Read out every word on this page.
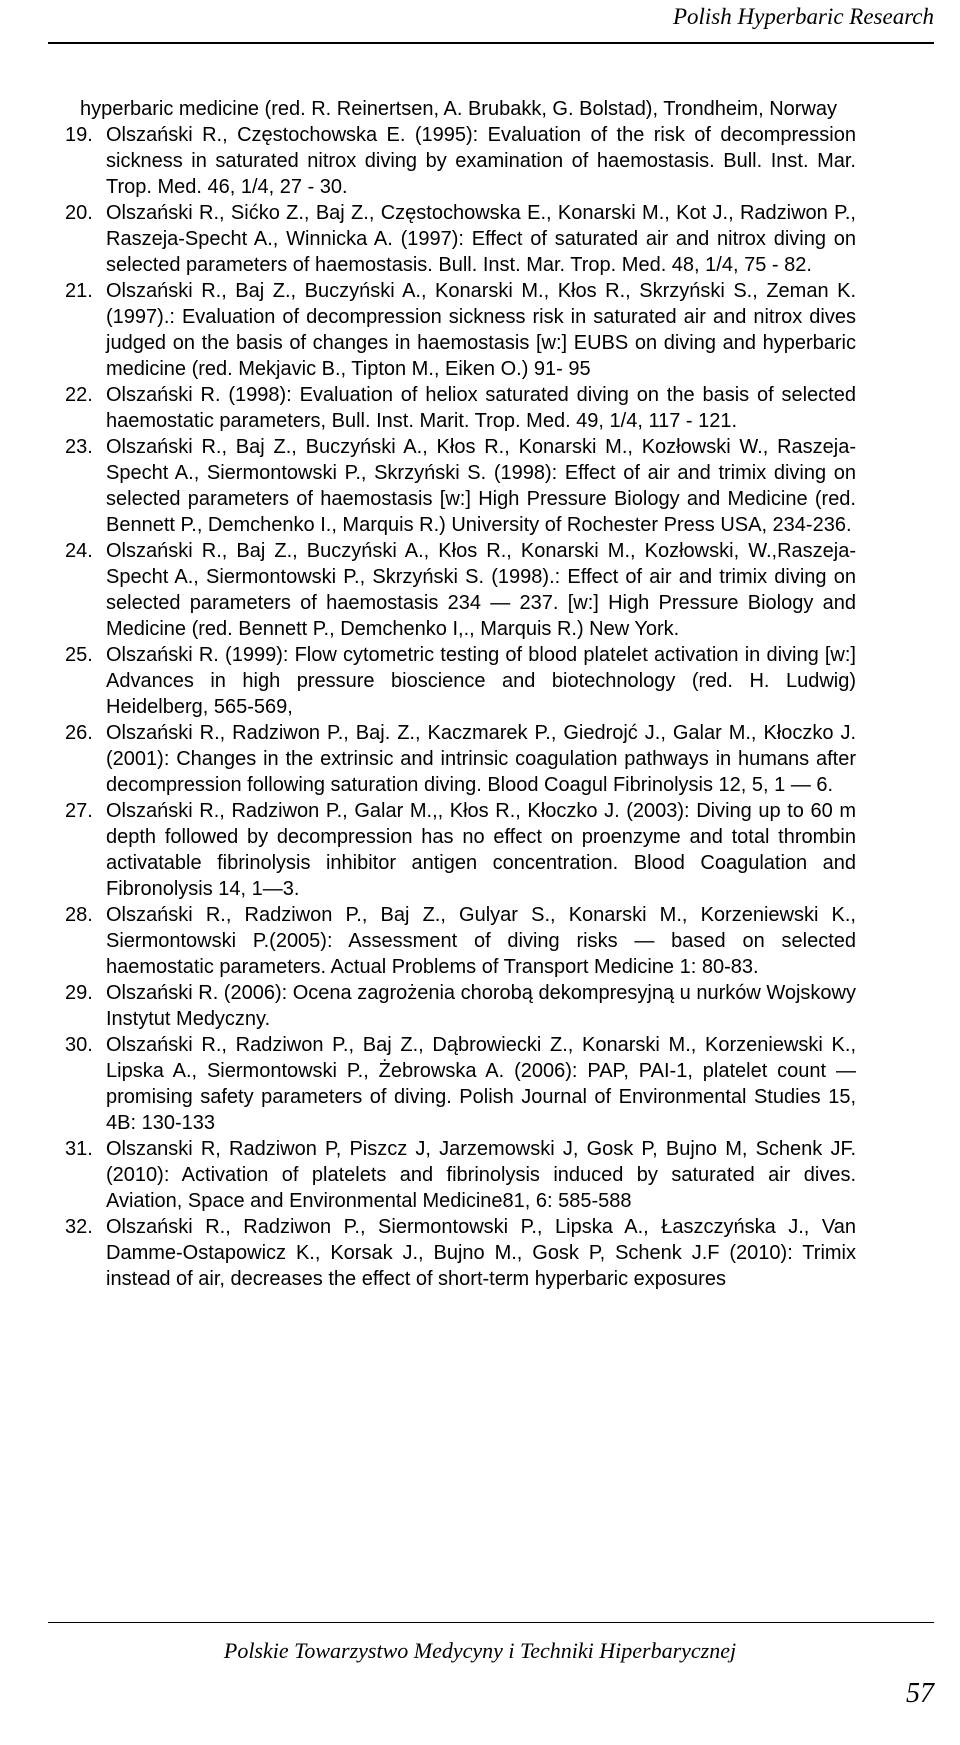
Polish Hyperbaric Research
hyperbaric medicine (red. R. Reinertsen, A. Brubakk, G. Bolstad), Trondheim, Norway
19. Olszański R., Częstochowska E. (1995): Evaluation of the risk of decompression sickness in saturated nitrox diving by examination of haemostasis. Bull. Inst. Mar. Trop. Med. 46, 1/4, 27 - 30.
20. Olszański R., Sićko Z., Baj Z., Częstochowska E., Konarski M., Kot J., Radziwon P., Raszeja-Specht A., Winnicka A. (1997): Effect of saturated air and nitrox diving on selected parameters of haemostasis. Bull. Inst. Mar. Trop. Med. 48, 1/4, 75 - 82.
21. Olszański R., Baj Z., Buczyński A., Konarski M., Kłos R., Skrzyński S., Zeman K.(1997).: Evaluation of decompression sickness risk in saturated air and nitrox dives judged on the basis of changes in haemostasis [w:] EUBS on diving and hyperbaric medicine (red. Mekjavic B., Tipton M., Eiken O.) 91- 95
22. Olszański R. (1998): Evaluation of heliox saturated diving on the basis of selected haemostatic parameters, Bull. Inst. Marit. Trop. Med. 49, 1/4, 117 - 121.
23. Olszański R., Baj Z., Buczyński A., Kłos R., Konarski M., Kozłowski W., Raszeja-Specht A., Siermontowski P., Skrzyński S. (1998): Effect of air and trimix diving on selected parameters of haemostasis [w:] High Pressure Biology and Medicine (red. Bennett P., Demchenko I., Marquis R.) University of Rochester Press USA, 234-236.
24. Olszański R., Baj Z., Buczyński A., Kłos R., Konarski M., Kozłowski, W.,Raszeja-Specht A., Siermontowski P., Skrzyński S. (1998).: Effect of air and trimix diving on selected parameters of haemostasis 234 — 237. [w:] High Pressure Biology and Medicine (red. Bennett P., Demchenko I,., Marquis R.) New York.
25. Olszański R. (1999): Flow cytometric testing of blood platelet activation in diving [w:] Advances in high pressure bioscience and biotechnology (red. H. Ludwig) Heidelberg, 565-569,
26. Olszański R., Radziwon P., Baj. Z., Kaczmarek P., Giedrojć J., Galar M., Kłoczko J. (2001): Changes in the extrinsic and intrinsic coagulation pathways in humans after decompression following saturation diving. Blood Coagul Fibrinolysis 12, 5, 1 — 6.
27. Olszański R., Radziwon P., Galar M.,, Kłos R., Kłoczko J. (2003): Diving up to 60 m depth followed by decompression has no effect on proenzyme and total thrombin activatable fibrinolysis inhibitor antigen concentration. Blood Coagulation and Fibronolysis 14, 1—3.
28. Olszański R., Radziwon P., Baj Z., Gulyar S., Konarski M., Korzeniewski K., Siermontowski P.(2005): Assessment of diving risks — based on selected haemostatic parameters. Actual Problems of Transport Medicine 1: 80-83.
29. Olszański R. (2006): Ocena zagrożenia chorobą dekompresyjną u nurków Wojskowy Instytut Medyczny.
30. Olszański R., Radziwon P., Baj Z., Dąbrowiecki Z., Konarski M., Korzeniewski K., Lipska A., Siermontowski P., Żebrowska A. (2006): PAP, PAI-1, platelet count — promising safety parameters of diving. Polish Journal of Environmental Studies 15, 4B: 130-133
31. Olszanski R, Radziwon P, Piszcz J, Jarzemowski J, Gosk P, Bujno M, Schenk JF. (2010): Activation of platelets and fibrinolysis induced by saturated air dives. Aviation, Space and Environmental Medicine81, 6: 585-588
32. Olszański R., Radziwon P., Siermontowski P., Lipska A., Łaszczyńska J., Van Damme-Ostapowicz K., Korsak J., Bujno M., Gosk P, Schenk J.F (2010): Trimix instead of air, decreases the effect of short-term hyperbaric exposures
Polskie Towarzystwo Medycyny i Techniki Hiperbarycznej
57
